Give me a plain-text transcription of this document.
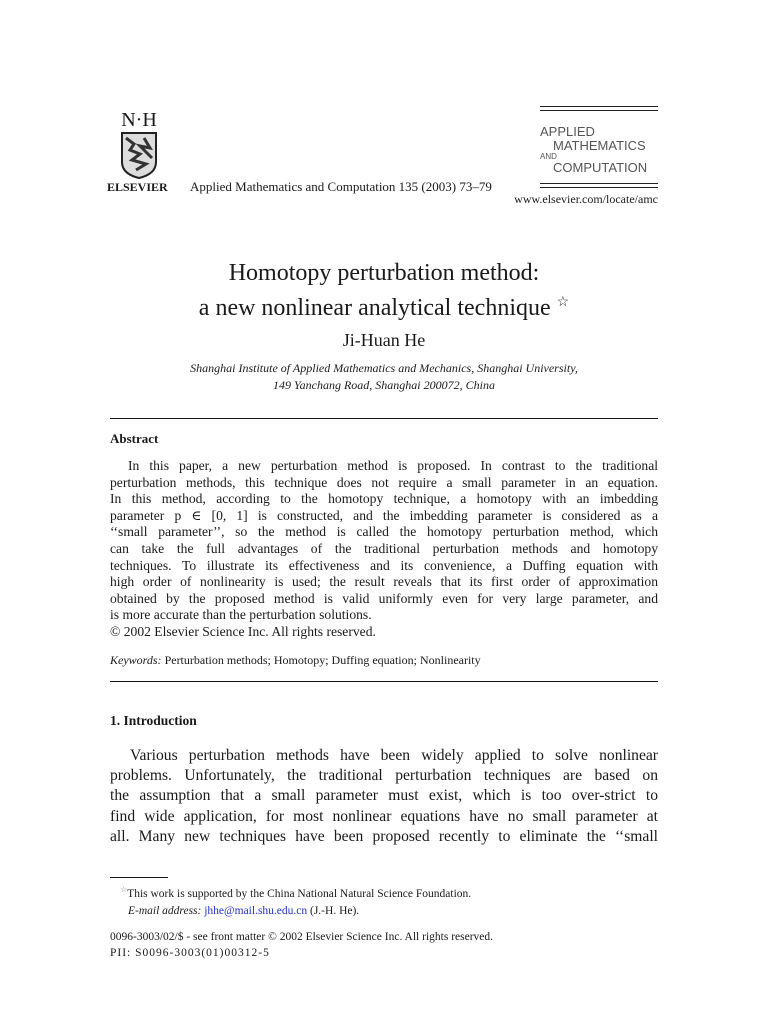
N·H
ELSEVIER Applied Mathematics and Computation 135 (2003) 73–79
APPLIED
MATHEMATICS
AND
COMPUTATION
www.elsevier.com/locate/amc
Homotopy perturbation method:
a new nonlinear analytical technique ☆
Ji-Huan He
Shanghai Institute of Applied Mathematics and Mechanics, Shanghai University,
149 Yanchang Road, Shanghai 200072, China
Abstract
In this paper, a new perturbation method is proposed. In contrast to the traditional
perturbation methods, this technique does not require a small parameter in an equation.
In this method, according to the homotopy technique, a homotopy with an imbedding
parameter p ∈ [0, 1] is constructed, and the imbedding parameter is considered as a
‘‘small parameter’’, so the method is called the homotopy perturbation method, which
can take the full advantages of the traditional perturbation methods and homotopy
techniques. To illustrate its effectiveness and its convenience, a Duffing equation with
high order of nonlinearity is used; the result reveals that its first order of approximation
obtained by the proposed method is valid uniformly even for very large parameter, and
is more accurate than the perturbation solutions.
© 2002 Elsevier Science Inc. All rights reserved.
Keywords: Perturbation methods; Homotopy; Duffing equation; Nonlinearity
1. Introduction
Various perturbation methods have been widely applied to solve nonlinear
problems. Unfortunately, the traditional perturbation techniques are based on
the assumption that a small parameter must exist, which is too over-strict to
find wide application, for most nonlinear equations have no small parameter at
all. Many new techniques have been proposed recently to eliminate the ‘‘small
☆This work is supported by the China National Natural Science Foundation.
E-mail address: jhhe@mail.shu.edu.cn (J.-H. He).
0096-3003/02/$ - see front matter © 2002 Elsevier Science Inc. All rights reserved.
PII: S0096-3003(01)00312-5
